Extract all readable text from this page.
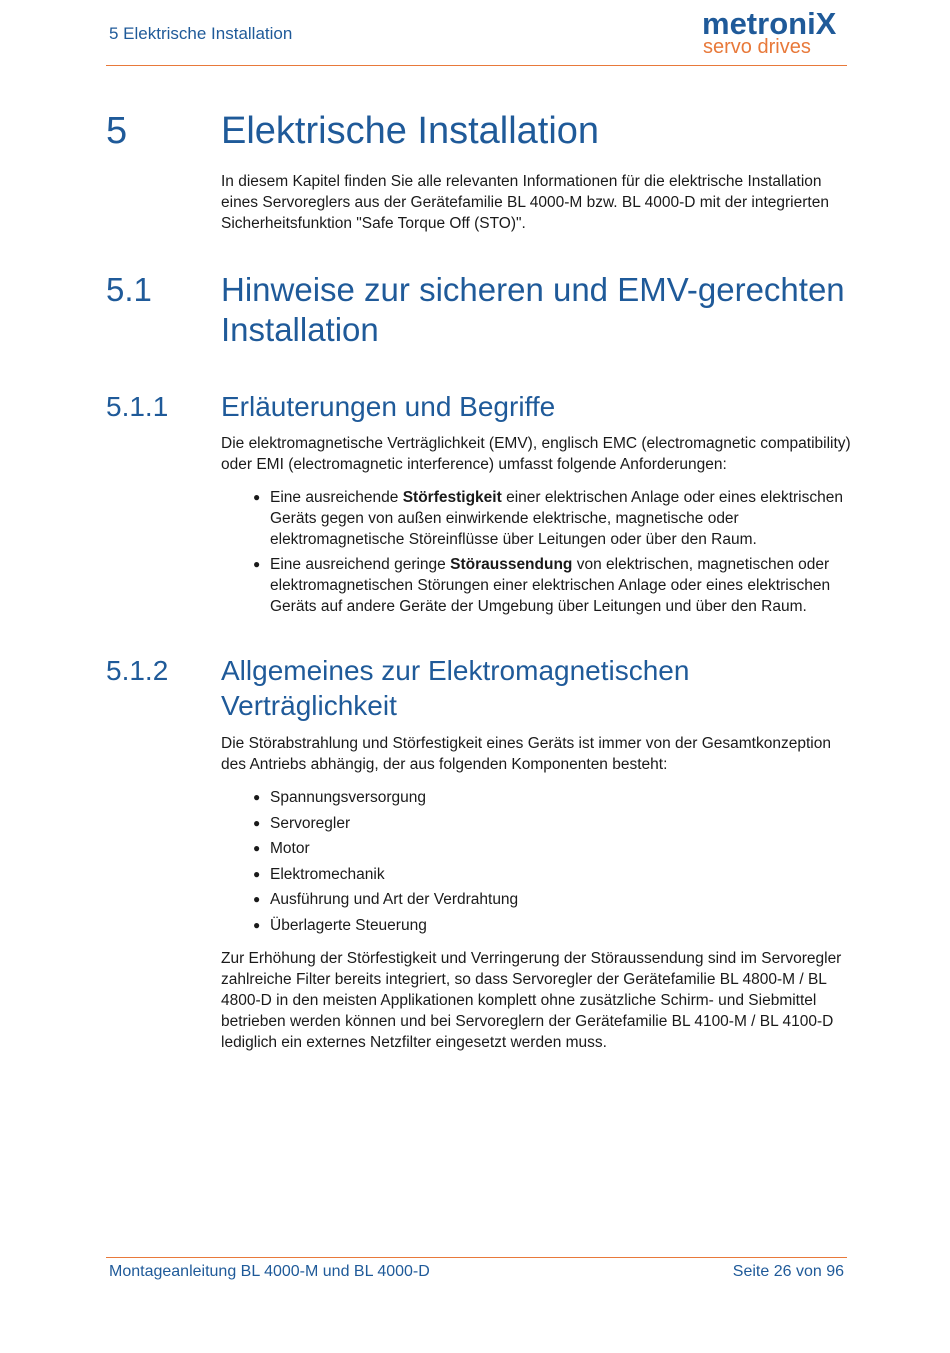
5 Elektrische Installation	metroniX
servo drives
5 Elektrische Installation
In diesem Kapitel finden Sie alle relevanten Informationen für die elektrische Installation eines Servoreglers aus der Gerätefamilie BL 4000-M bzw. BL 4000-D mit der integrierten Sicherheitsfunktion "Safe Torque Off (STO)".
5.1 Hinweise zur sicheren und EMV-gerechten Installation
5.1.1 Erläuterungen und Begriffe
Die elektromagnetische Verträglichkeit (EMV), englisch EMC (electromagnetic compatibility) oder EMI (electromagnetic interference) umfasst folgende Anforderungen:
● Eine ausreichende Störfestigkeit einer elektrischen Anlage oder eines elektrischen Geräts gegen von außen einwirkende elektrische, magnetische oder elektromagnetische Störeinflüsse über Leitungen oder über den Raum.
● Eine ausreichend geringe Störaussendung von elektrischen, magnetischen oder elektromagnetischen Störungen einer elektrischen Anlage oder eines elektrischen Geräts auf andere Geräte der Umgebung über Leitungen und über den Raum.
5.1.2 Allgemeines zur Elektromagnetischen Verträglichkeit
Die Störabstrahlung und Störfestigkeit eines Geräts ist immer von der Gesamtkonzeption des Antriebs abhängig, der aus folgenden Komponenten besteht:
● Spannungsversorgung
● Servoregler
● Motor
● Elektromechanik
● Ausführung und Art der Verdrahtung
● Überlagerte Steuerung
Zur Erhöhung der Störfestigkeit und Verringerung der Störaussendung sind im Servoregler zahlreiche Filter bereits integriert, so dass Servoregler der Gerätefamilie BL 4800-M / BL 4800-D in den meisten Applikationen komplett ohne zusätzliche Schirm- und Siebmittel betrieben werden können und bei Servoreglern der Gerätefamilie BL 4100-M / BL 4100-D lediglich ein externes Netzfilter eingesetzt werden muss.
Montageanleitung BL 4000-M und BL 4000-D	Seite 26 von 96
